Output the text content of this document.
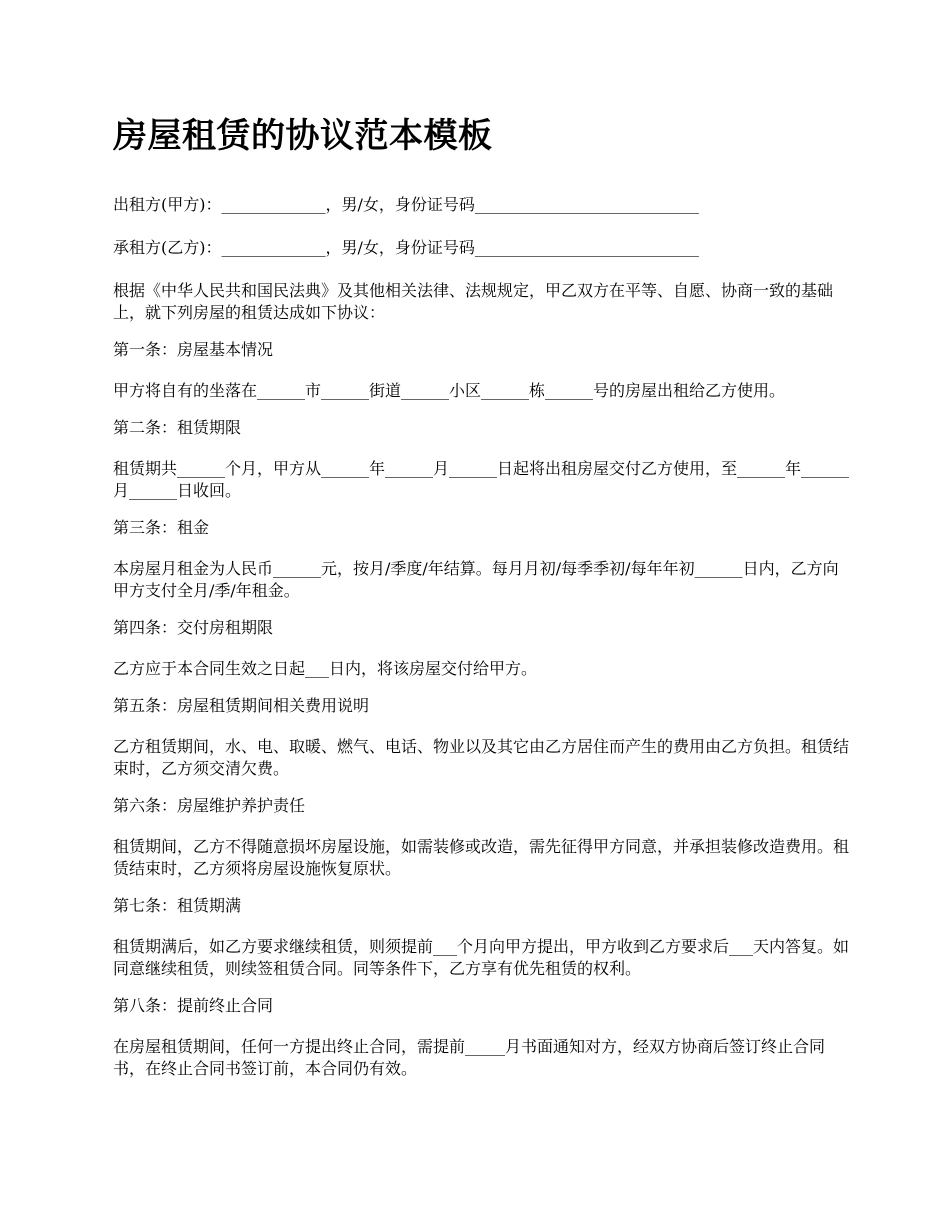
房屋租赁的协议范本模板

出租方(甲方)：_____________，男/女，身份证号码____________________________

承租方(乙方)：_____________，男/女，身份证号码____________________________

根据《中华人民共和国民法典》及其他相关法律、法规规定，甲乙双方在平等、自愿、协商一致的基础上，就下列房屋的租赁达成如下协议：

第一条：房屋基本情况

甲方将自有的坐落在______市______街道______小区______栋______号的房屋出租给乙方使用。

第二条：租赁期限

租赁期共______个月，甲方从______年______月______日起将出租房屋交付乙方使用，至______年______月______日收回。

第三条：租金

本房屋月租金为人民币______元，按月/季度/年结算。每月月初/每季季初/每年年初______日内，乙方向甲方支付全月/季/年租金。

第四条：交付房租期限

乙方应于本合同生效之日起___日内，将该房屋交付给甲方。

第五条：房屋租赁期间相关费用说明

乙方租赁期间，水、电、取暖、燃气、电话、物业以及其它由乙方居住而产生的费用由乙方负担。租赁结束时，乙方须交清欠费。

第六条：房屋维护养护责任

租赁期间，乙方不得随意损坏房屋设施，如需装修或改造，需先征得甲方同意，并承担装修改造费用。租赁结束时，乙方须将房屋设施恢复原状。

第七条：租赁期满

租赁期满后，如乙方要求继续租赁，则须提前___个月向甲方提出，甲方收到乙方要求后___天内答复。如同意继续租赁，则续签租赁合同。同等条件下，乙方享有优先租赁的权利。

第八条：提前终止合同

在房屋租赁期间，任何一方提出终止合同，需提前_____月书面通知对方，经双方协商后签订终止合同书，在终止合同书签订前，本合同仍有效。
